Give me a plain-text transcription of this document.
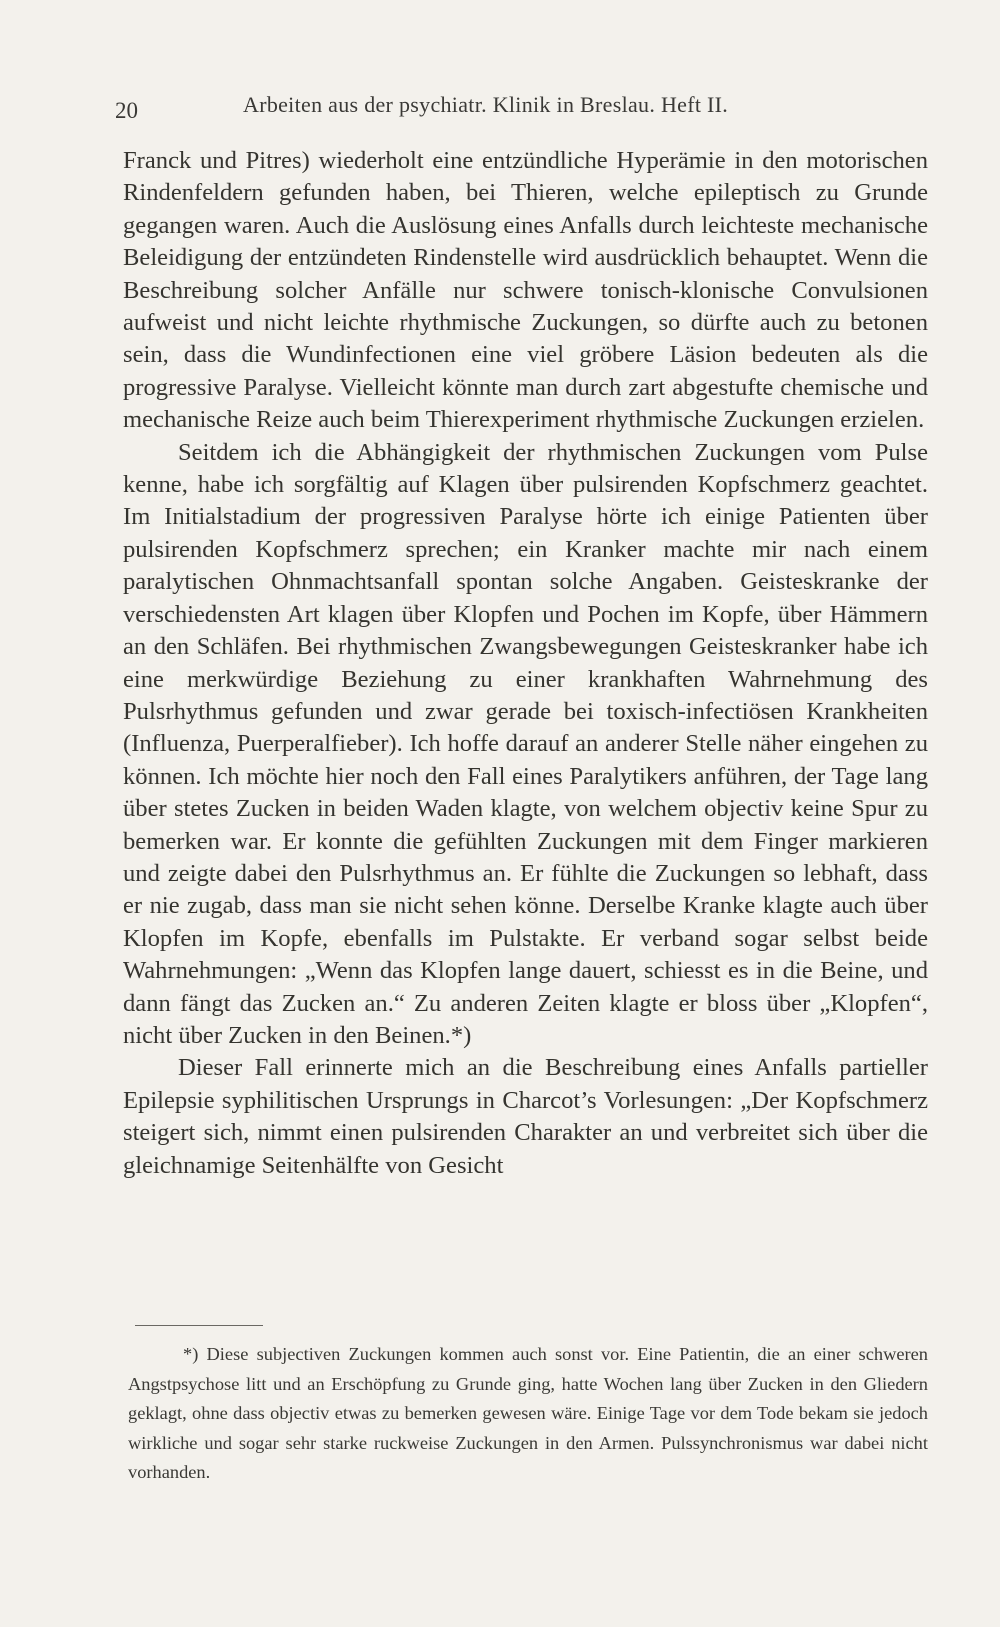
20	Arbeiten aus der psychiatr. Klinik in Breslau. Heft II.

Franck und Pitres) wiederholt eine entzündliche Hyperämie in den motorischen Rindenfeldern gefunden haben, bei Thieren, welche epileptisch zu Grunde gegangen waren. Auch die Auslösung eines Anfalls durch leichteste mechanische Beleidigung der entzündeten Rindenstelle wird ausdrücklich behauptet. Wenn die Beschreibung solcher Anfälle nur schwere tonisch-klonische Convulsionen aufweist und nicht leichte rhythmische Zuckungen, so dürfte auch zu betonen sein, dass die Wundinfectionen eine viel gröbere Läsion bedeuten als die progressive Paralyse. Vielleicht könnte man durch zart abgestufte chemische und mechanische Reize auch beim Thierexperiment rhythmische Zuckungen erzielen.

Seitdem ich die Abhängigkeit der rhythmischen Zuckungen vom Pulse kenne, habe ich sorgfältig auf Klagen über pulsirenden Kopfschmerz geachtet. Im Initialstadium der progressiven Paralyse hörte ich einige Patienten über pulsirenden Kopfschmerz sprechen; ein Kranker machte mir nach einem paralytischen Ohnmachtsanfall spontan solche Angaben. Geisteskranke der verschiedensten Art klagen über Klopfen und Pochen im Kopfe, über Hämmern an den Schläfen. Bei rhythmischen Zwangsbewegungen Geisteskranker habe ich eine merkwürdige Beziehung zu einer krankhaften Wahrnehmung des Pulsrhythmus gefunden und zwar gerade bei toxisch-infectiösen Krankheiten (Influenza, Puerperalfieber). Ich hoffe darauf an anderer Stelle näher eingehen zu können. Ich möchte hier noch den Fall eines Paralytikers anführen, der Tage lang über stetes Zucken in beiden Waden klagte, von welchem objectiv keine Spur zu bemerken war. Er konnte die gefühlten Zuckungen mit dem Finger markieren und zeigte dabei den Pulsrhythmus an. Er fühlte die Zuckungen so lebhaft, dass er nie zugab, dass man sie nicht sehen könne. Derselbe Kranke klagte auch über Klopfen im Kopfe, ebenfalls im Pulstakte. Er verband sogar selbst beide Wahrnehmungen: „Wenn das Klopfen lange dauert, schiesst es in die Beine, und dann fängt das Zucken an.“ Zu anderen Zeiten klagte er bloss über „Klopfen“, nicht über Zucken in den Beinen.*)

Dieser Fall erinnerte mich an die Beschreibung eines Anfalls partieller Epilepsie syphilitischen Ursprungs in Charcot’s Vorlesungen: „Der Kopfschmerz steigert sich, nimmt einen pulsirenden Charakter an und verbreitet sich über die gleichnamige Seitenhälfte von Gesicht

*) Diese subjectiven Zuckungen kommen auch sonst vor. Eine Patientin, die an einer schweren Angstpsychose litt und an Erschöpfung zu Grunde ging, hatte Wochen lang über Zucken in den Gliedern geklagt, ohne dass objectiv etwas zu bemerken gewesen wäre. Einige Tage vor dem Tode bekam sie jedoch wirkliche und sogar sehr starke ruckweise Zuckungen in den Armen. Pulssynchronismus war dabei nicht vorhanden.
